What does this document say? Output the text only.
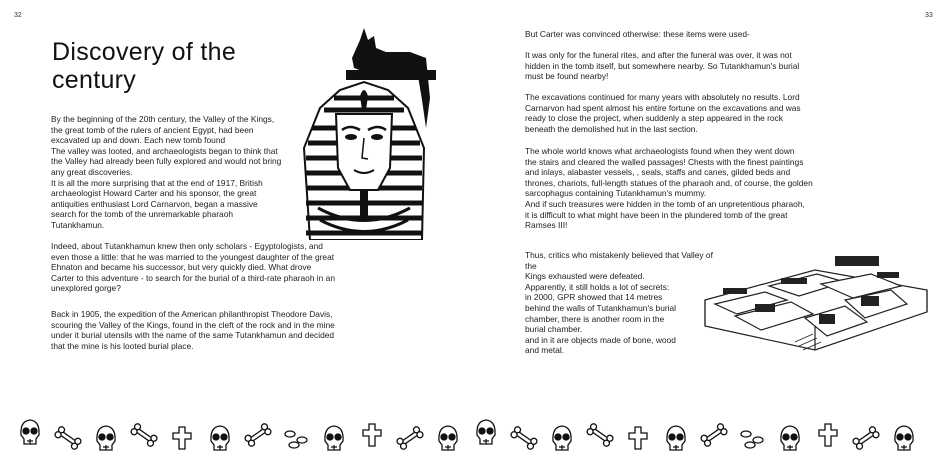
32
Discovery of the
century
By the beginning of the 20th century, the Valley of the Kings,
the great tomb of the rulers of ancient Egypt, had been
excavated up and down. Each new tomb found
The valley was looted, and archaeologists began to think that
the Valley had already been fully explored and would not bring
any great discoveries.
It is all the more surprising that at the end of 1917, British
archaeologist Howard Carter and his sponsor, the great
antiquities enthusiast Lord Carnarvon, began a massive
search for the tomb of the unremarkable pharaoh
Tutankhamun.
Indeed, about Tutankhamun knew then only scholars - Egyptologists, and
even those a little: that he was married to the youngest daughter of the great
Ehnaton and became his successor, but very quickly died. What drove
Carter to this adventure - to search for the burial of a third-rate pharaoh in an
unexplored gorge?
Back in 1905, the expedition of the American philanthropist Theodore Davis,
scouring the Valley of the Kings, found in the cleft of the rock and in the mine
under it burial utensils with the name of the same Tutankhamun and decided
that the mine is his looted burial place.
33
But Carter was convinced otherwise: these items were used-
It was only for the funeral rites, and after the funeral was over, it was not
hidden in the tomb itself, but somewhere nearby. So Tutankhamun's burial
must be found nearby!
The excavations continued for many years with absolutely no results. Lord
Carnarvon had spent almost his entire fortune on the excavations and was
ready to close the project, when suddenly a step appeared in the rock
beneath the demolished hut in the last section.
The whole world knows what archaeologists found when they went down
the stairs and cleared the walled passages! Chests with the finest paintings
and inlays, alabaster vessels, , seals, staffs and canes, gilded beds and
thrones, chariots, full-length statues of the pharaoh and, of course, the golden
sarcophagus containing Tutankhamun's mummy.
And if such treasures were hidden in the tomb of an unpretentious pharaoh,
it is difficult to what might have been in the plundered tomb of the great
Ramses III!
Thus, critics who mistakenly believed that Valley of the
Kings exhausted were defeated.
Apparently, it still holds a lot of secrets:
in 2000, GPR showed that 14 metres
behind the walls of Tutankhamun's burial
chamber, there is another room in the
burial chamber.
and in it are objects made of bone, wood
and metal.
